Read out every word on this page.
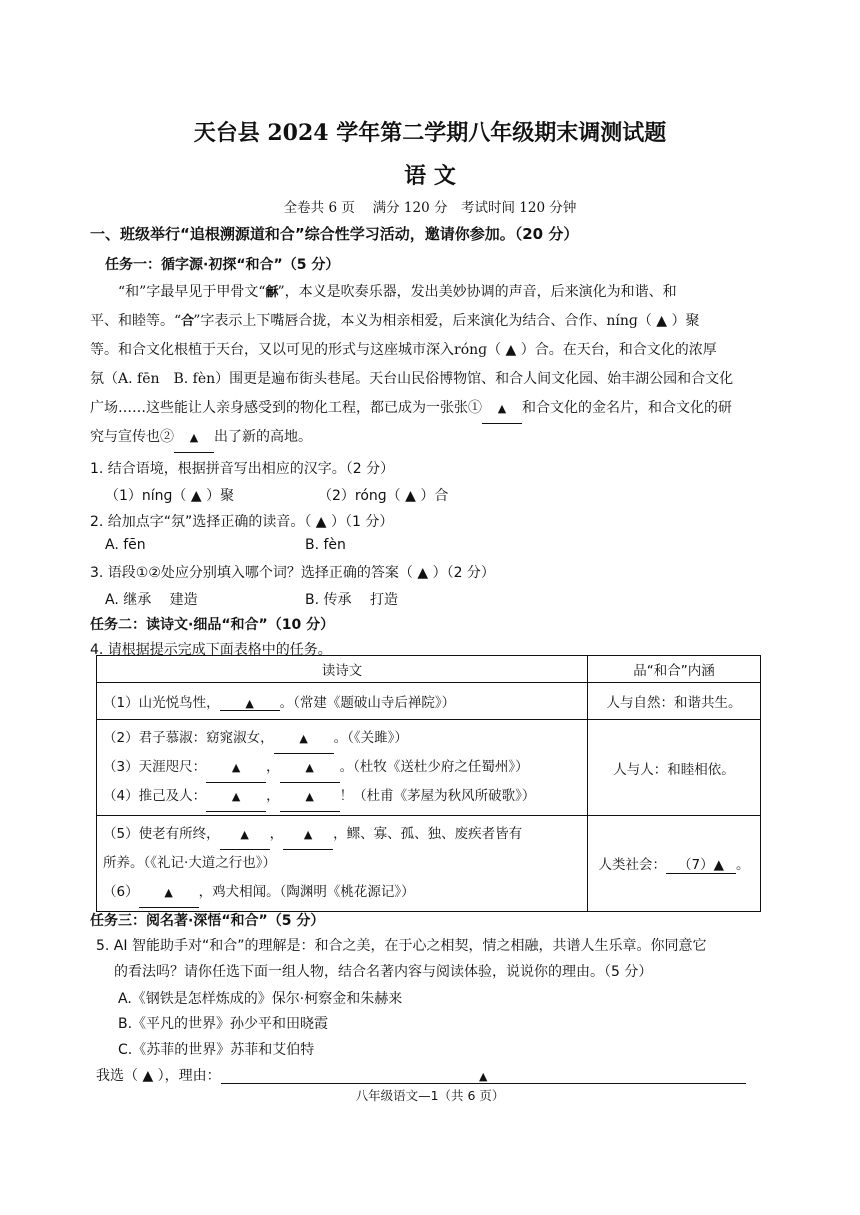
天台县 2024 学年第二学期八年级期末调测试题
语 文
全卷共 6 页　 满分 120 分　考试时间 120 分钟
一、班级举行“追根溯源道和合”综合性学习活动，邀请你参加。（20 分）
任务一：循字源·初探“和合”（5 分）
“和”字最早见于甲骨文“龢”，本义是吹奏乐器，发出美妙协调的声音，后来演化为和谐、和
平、和睦等。“合”字表示上下嘴唇合拢，本义为相亲相爱，后来演化为结合、合作、nínɡ（ ▲ ）聚
等。和合文化根植于天台，又以可见的形式与这座城市深入rónɡ（ ▲ ）合。在天台，和合文化的浓厚
氛（A. fēn　B. fèn）围更是遍布街头巷尾。天台山民俗博物馆、和合人间文化园、始丰湖公园和合文化
广场……这些能让人亲身感受到的物化工程，都已成为一张张① ▲ 和合文化的金名片，和合文化的研
究与宣传也② ▲ 出了新的高地。
1. 结合语境，根据拼音写出相应的汉字。（2 分）
（1）nínɡ（ ▲ ）聚	（2）rónɡ（ ▲ ）合
2. 给加点字“氛”选择正确的读音。（ ▲ ）（1 分）
A. fēn	B. fèn
3. 语段①②处应分别填入哪个词？选择正确的答案（ ▲ ）（2 分）
A. 继承　 建造	B. 传承　 打造
任务二：读诗文·细品“和合”（10 分）
4. 请根据提示完成下面表格中的任务。
读诗文	品“和合”内涵
（1）山光悦鸟性， ▲ 。（常建《题破山寺后禅院》）	人与自然：和谐共生。

（2）君子慕淑：窈窕淑女， ▲ 。（《关雎》）
（3）天涯咫尺： ▲ ， ▲ 。（杜牧《送杜少府之任蜀州》）
（4）推己及人： ▲ ， ▲ ！（杜甫《茅屋为秋风所破歌》）	人与人：和睦相依。

（5）使老有所终， ▲ ， ▲ ，鳏、寡、孤、独、废疾者皆有
所养。（《礼记·大道之行也》）
（6） ▲ ，鸡犬相闻。（陶渊明《桃花源记》）	人类社会： （7）▲ 。
任务三：阅名著·深悟“和合”（5 分）
5. AI 智能助手对“和合”的理解是：和合之美，在于心之相契，情之相融，共谱人生乐章。你同意它
的看法吗？请你任选下面一组人物，结合名著内容与阅读体验，说说你的理由。（5 分）
A.《钢铁是怎样炼成的》保尔·柯察金和朱赫来
B.《平凡的世界》孙少平和田晓霞
C.《苏菲的世界》苏菲和艾伯特
我选（ ▲ ），理由：	▲
八年级语文—1（共 6 页）
